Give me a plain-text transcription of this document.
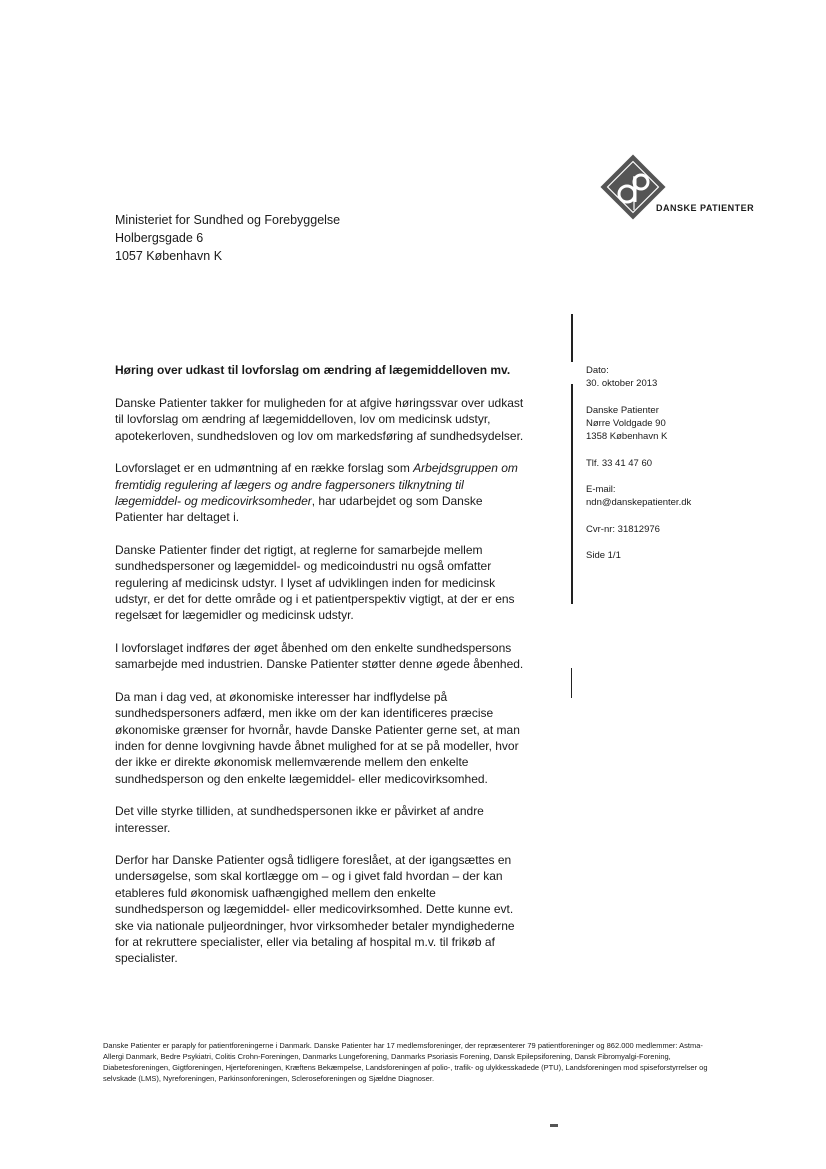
DANSKE PATIENTER
Ministeriet for Sundhed og Forebyggelse
Holbergsgade 6
1057 København K
Dato:
30. oktober 2013
Danske Patienter
Nørre Voldgade 90
1358 København K
Tlf. 33 41 47 60
E-mail:
ndn@danskepatienter.dk
Cvr-nr: 31812976
Side 1/1
Høring over udkast til lovforslag om ændring af lægemiddelloven mv.

Danske Patienter takker for muligheden for at afgive høringssvar over udkast til lovforslag om ændring af lægemiddelloven, lov om medicinsk udstyr, apotekerloven, sundhedsloven og lov om markedsføring af sundhedsydelser.

Lovforslaget er en udmøntning af en række forslag som Arbejdsgruppen om fremtidig regulering af lægers og andre fagpersoners tilknytning til lægemiddel- og medicovirksomheder, har udarbejdet og som Danske Patienter har deltaget i.

Danske Patienter finder det rigtigt, at reglerne for samarbejde mellem sundhedspersoner og lægemiddel- og medicoindustri nu også omfatter regulering af medicinsk udstyr. I lyset af udviklingen inden for medicinsk udstyr, er det for dette område og i et patientperspektiv vigtigt, at der er ens regelsæt for lægemidler og medicinsk udstyr.

I lovforslaget indføres der øget åbenhed om den enkelte sundhedspersons samarbejde med industrien. Danske Patienter støtter denne øgede åbenhed.

Da man i dag ved, at økonomiske interesser har indflydelse på sundhedspersoners adfærd, men ikke om der kan identificeres præcise økonomiske grænser for hvornår, havde Danske Patienter gerne set, at man inden for denne lovgivning havde åbnet mulighed for at se på modeller, hvor der ikke er direkte økonomisk mellemværende mellem den enkelte sundhedsperson og den enkelte lægemiddel- eller medicovirksomhed.

Det ville styrke tilliden, at sundhedspersonen ikke er påvirket af andre interesser.

Derfor har Danske Patienter også tidligere foreslået, at der igangsættes en undersøgelse, som skal kortlægge om – og i givet fald hvordan – der kan etableres fuld økonomisk uafhængighed mellem den enkelte sundhedsperson og lægemiddel- eller medicovirksomhed. Dette kunne evt. ske via nationale puljeordninger, hvor virksomheder betaler myndighederne for at rekruttere specialister, eller via betaling af hospital m.v. til frikøb af specialister.

Danske Patienter er paraply for patientforeningerne i Danmark. Danske Patienter har 17 medlemsforeninger, der repræsenterer 79 patientforeninger og 862.000 medlemmer: Astma-Allergi Danmark, Bedre Psykiatri, Colitis Crohn-Foreningen, Danmarks Lungeforening, Danmarks Psoriasis Forening, Dansk Epilepsiforening, Dansk Fibromyalgi-Forening, Diabetesforeningen, Gigtforeningen, Hjerteforeningen, Kræftens Bekæmpelse, Landsforeningen af polio-, trafik- og ulykkesskadede (PTU), Landsforeningen mod spiseforstyrrelser og selvskade (LMS), Nyreforeningen, Parkinsonforeningen, Scleroseforeningen og Sjældne Diagnoser.
